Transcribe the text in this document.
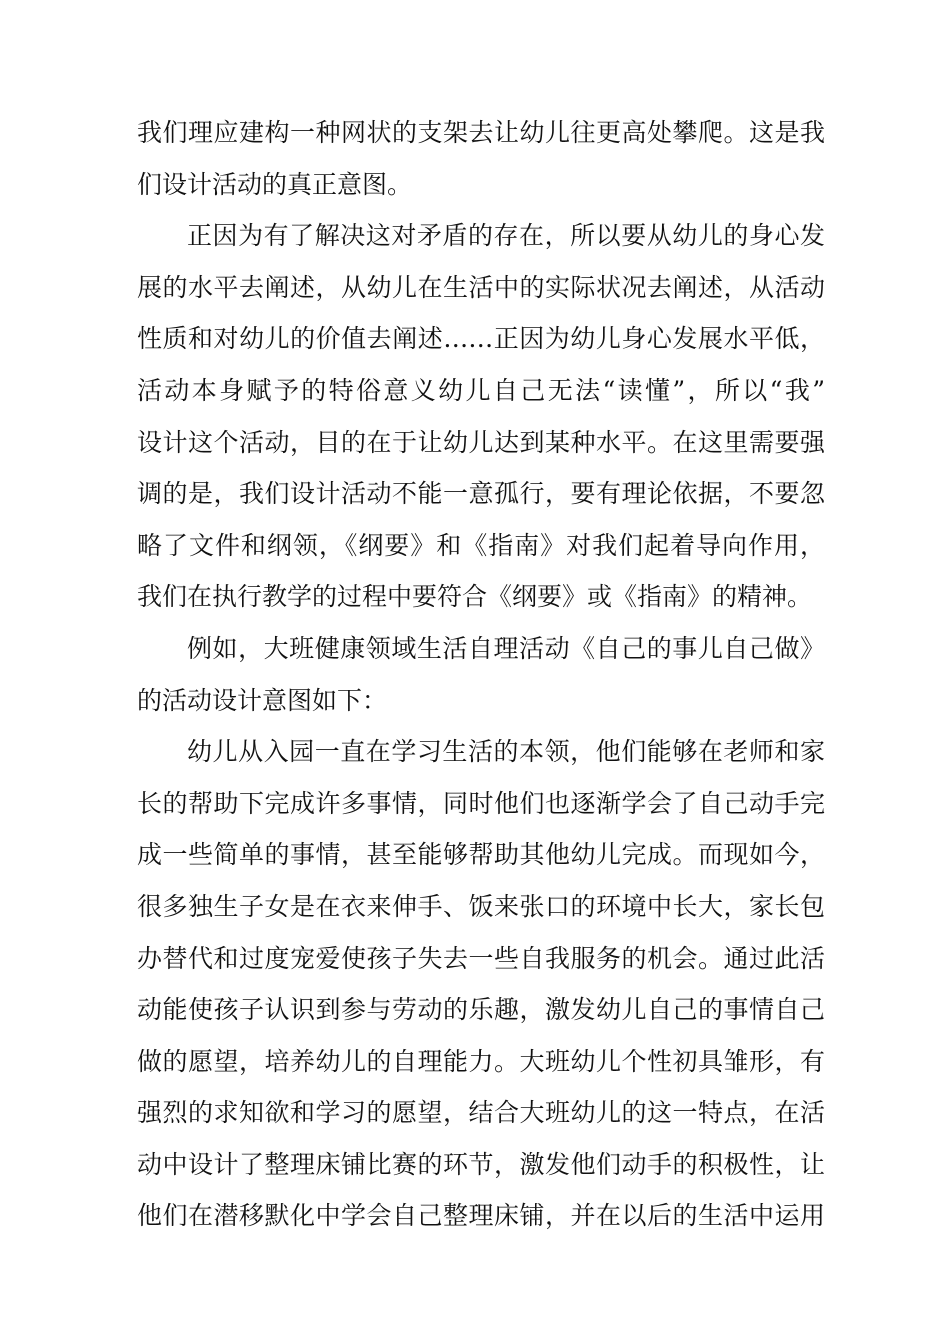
我们理应建构一种网状的支架去让幼儿往更高处攀爬。这是我
们设计活动的真正意图。
正因为有了解决这对矛盾的存在，所以要从幼儿的身心发
展的水平去阐述，从幼儿在生活中的实际状况去阐述，从活动
性质和对幼儿的价值去阐述……正因为幼儿身心发展水平低，
活动本身赋予的特俗意义幼儿自己无法“读懂”，所以“我”
设计这个活动，目的在于让幼儿达到某种水平。在这里需要强
调的是，我们设计活动不能一意孤行，要有理论依据，不要忽
略了文件和纲领，《纲要》和《指南》对我们起着导向作用，
我们在执行教学的过程中要符合《纲要》或《指南》的精神。
例如，大班健康领域生活自理活动《自己的事儿自己做》
的活动设计意图如下：
幼儿从入园一直在学习生活的本领，他们能够在老师和家
长的帮助下完成许多事情，同时他们也逐渐学会了自己动手完
成一些简单的事情，甚至能够帮助其他幼儿完成。而现如今，
很多独生子女是在衣来伸手、饭来张口的环境中长大，家长包
办替代和过度宠爱使孩子失去一些自我服务的机会。通过此活
动能使孩子认识到参与劳动的乐趣，激发幼儿自己的事情自己
做的愿望，培养幼儿的自理能力。大班幼儿个性初具雏形，有
强烈的求知欲和学习的愿望，结合大班幼儿的这一特点，在活
动中设计了整理床铺比赛的环节，激发他们动手的积极性，让
他们在潜移默化中学会自己整理床铺，并在以后的生活中运用
